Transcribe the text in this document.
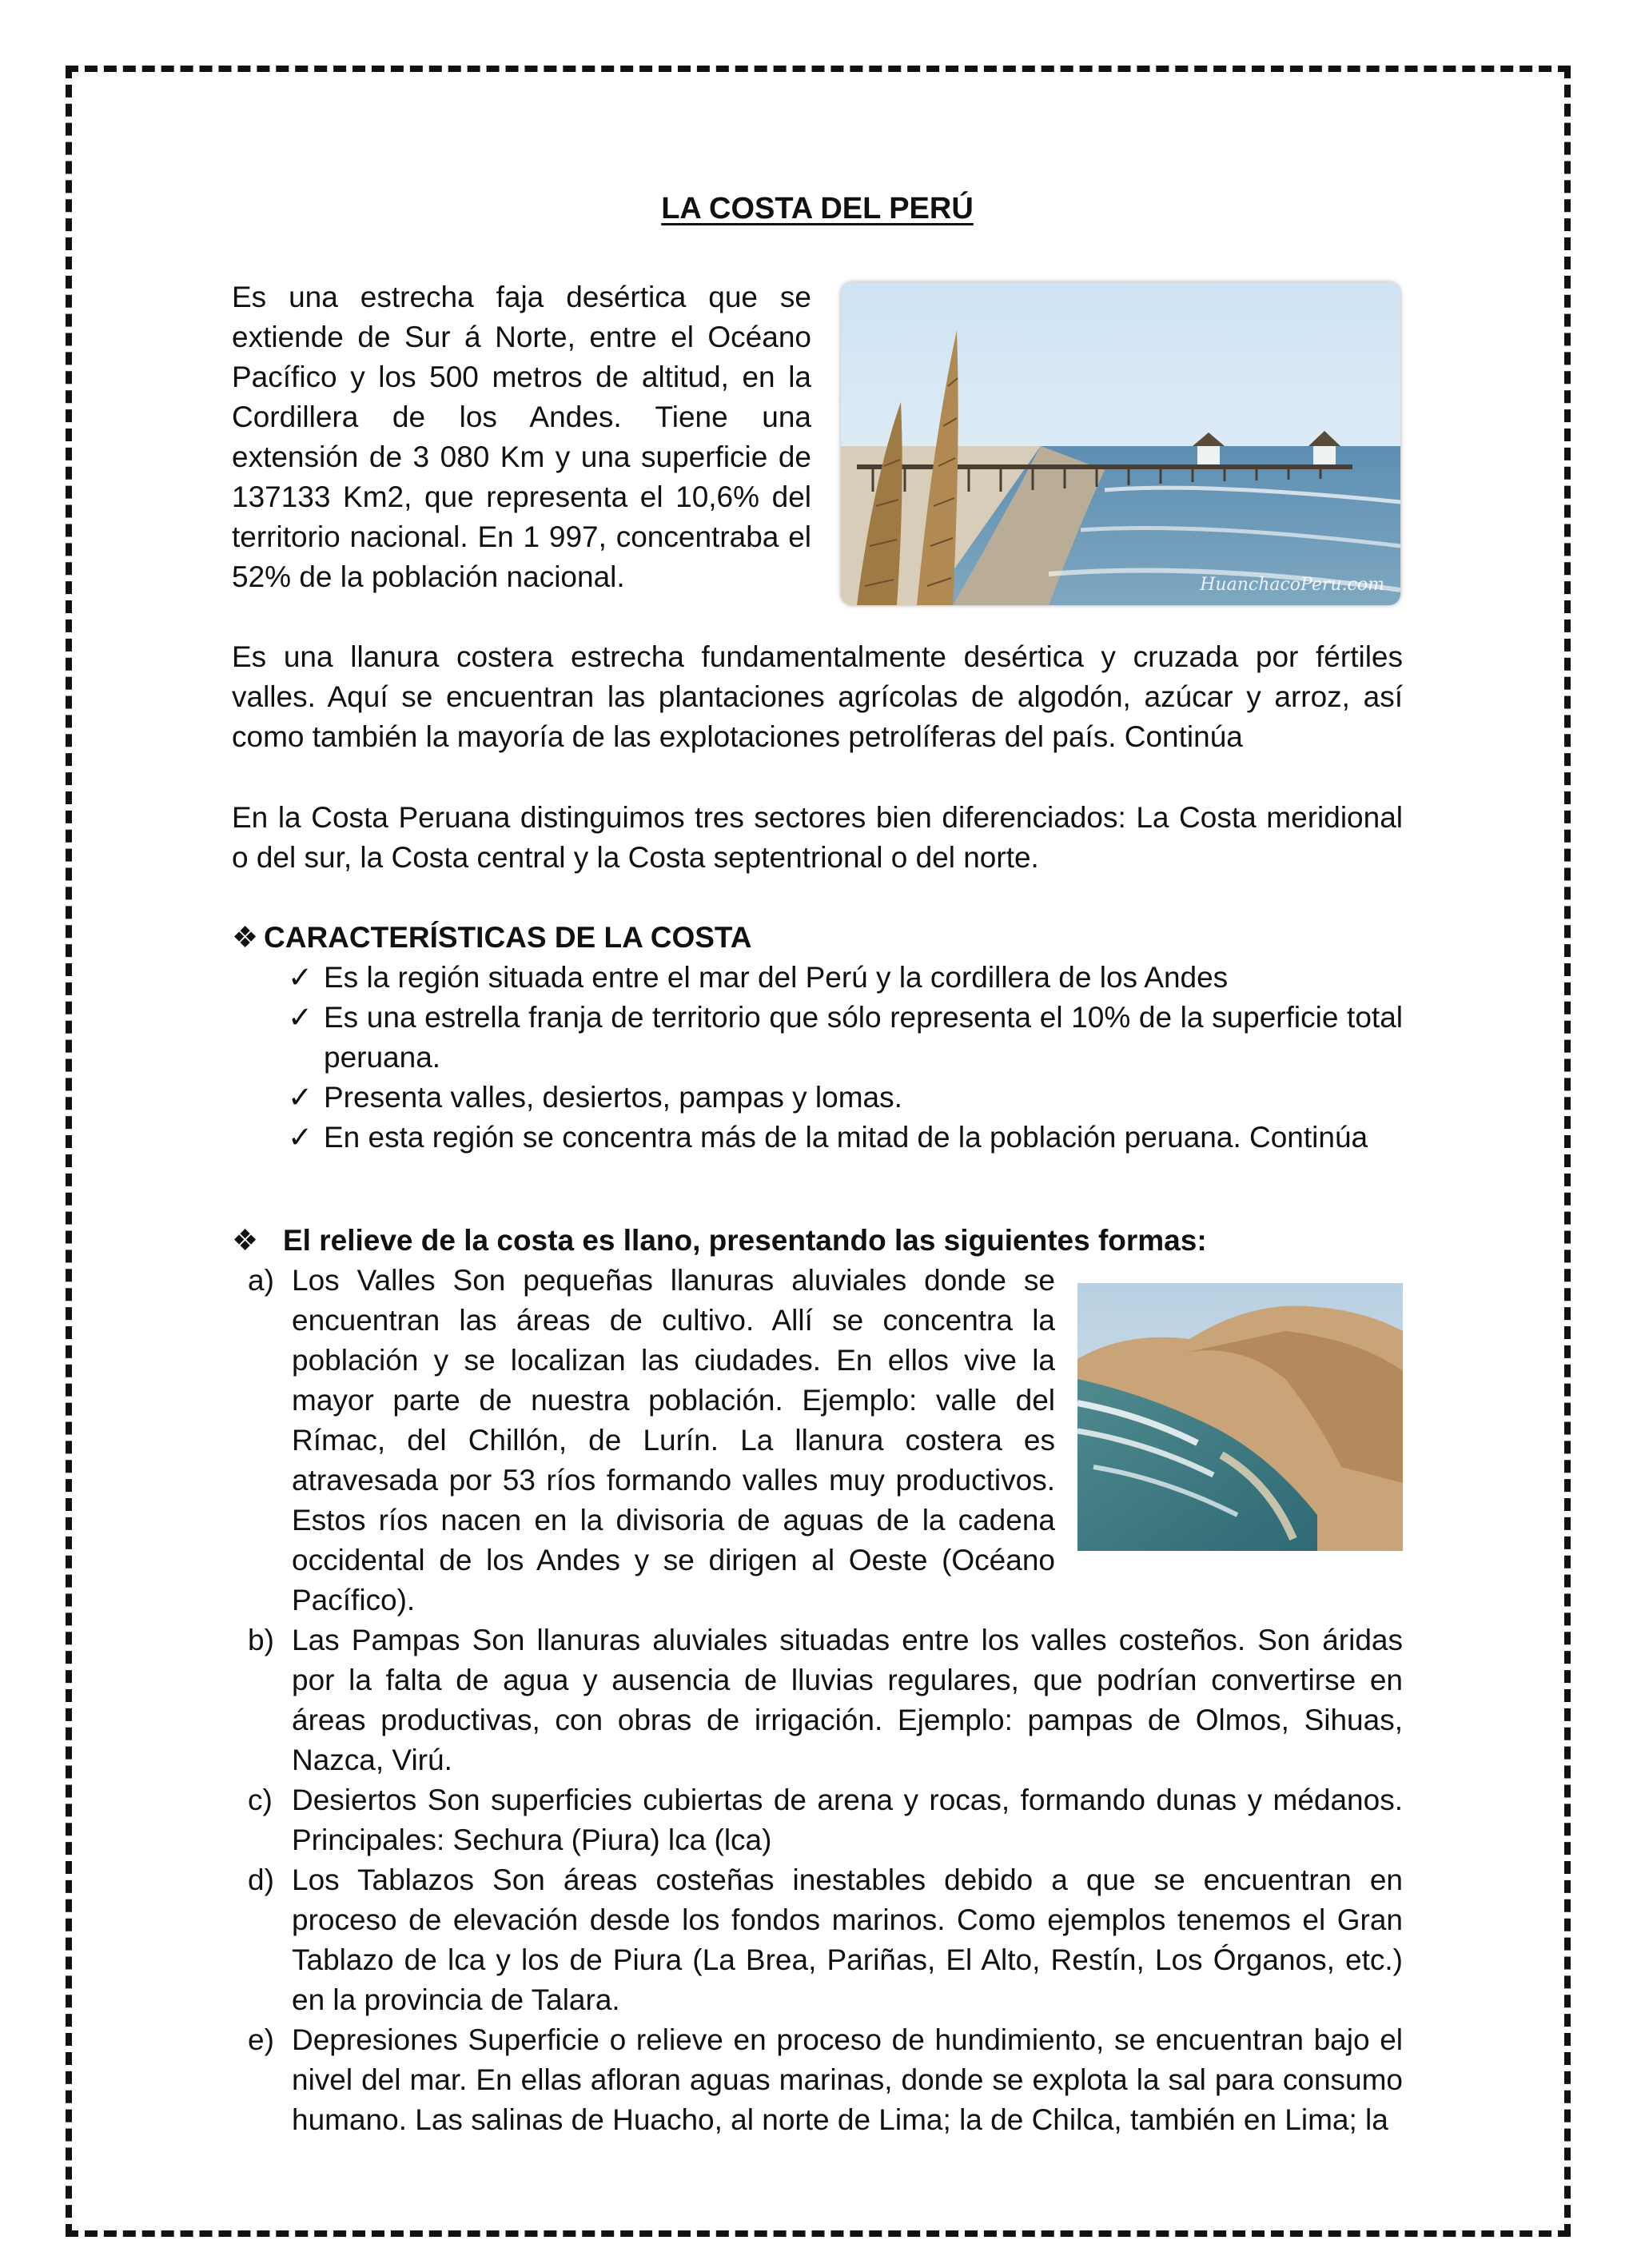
LA COSTA DEL PERÚ

Es una estrecha faja desértica que se extiende de Sur á Norte, entre el Océano Pacífico y los 500 metros de altitud, en la Cordillera de los Andes. Tiene una extensión de 3 080 Km y una superficie de 137133 Km2, que representa el 10,6% del territorio nacional. En 1 997, concentraba el 52% de la población nacional.	HuanchacoPeru.com

Es una llanura costera estrecha fundamentalmente desértica y cruzada por fértiles valles. Aquí se encuentran las plantaciones agrícolas de algodón, azúcar y arroz, así como también la mayoría de las explotaciones petrolíferas del país. Continúa

En la Costa Peruana distinguimos tres sectores bien diferenciados: La Costa meridional o del sur, la Costa central y la Costa septentrional o del norte.

❖ CARACTERÍSTICAS DE LA COSTA
✓ Es la región situada entre el mar del Perú y la cordillera de los Andes
✓ Es una estrella franja de territorio que sólo representa el 10% de la superficie total peruana.
✓ Presenta valles, desiertos, pampas y lomas.
✓ En esta región se concentra más de la mitad de la población peruana. Continúa
❖ El relieve de la costa es llano, presentando las siguientes formas:
a) Los Valles Son pequeñas llanuras aluviales donde se encuentran las áreas de cultivo. Allí se concentra la población y se localizan las ciudades. En ellos vive la mayor parte de nuestra población. Ejemplo: valle del Rímac, del Chillón, de Lurín. La llanura costera es atravesada por 53 ríos formando valles muy productivos. Estos ríos nacen en la divisoria de aguas de la cadena occidental de los Andes y se dirigen al Oeste (Océano Pacífico).
b) Las Pampas Son llanuras aluviales situadas entre los valles costeños. Son áridas por la falta de agua y ausencia de lluvias regulares, que podrían convertirse en áreas productivas, con obras de irrigación. Ejemplo: pampas de Olmos, Sihuas, Nazca, Virú.
c) Desiertos Son superficies cubiertas de arena y rocas, formando dunas y médanos. Principales: Sechura (Piura) lca (lca)
d) Los Tablazos Son áreas costeñas inestables debido a que se encuentran en proceso de elevación desde los fondos marinos. Como ejemplos tenemos el Gran Tablazo de lca y los de Piura (La Brea, Pariñas, El Alto, Restín, Los Órganos, etc.) en la provincia de Talara.
e) Depresiones Superficie o relieve en proceso de hundimiento, se encuentran bajo el nivel del mar. En ellas afloran aguas marinas, donde se explota la sal para consumo humano. Las salinas de Huacho, al norte de Lima; la de Chilca, también en Lima; la
